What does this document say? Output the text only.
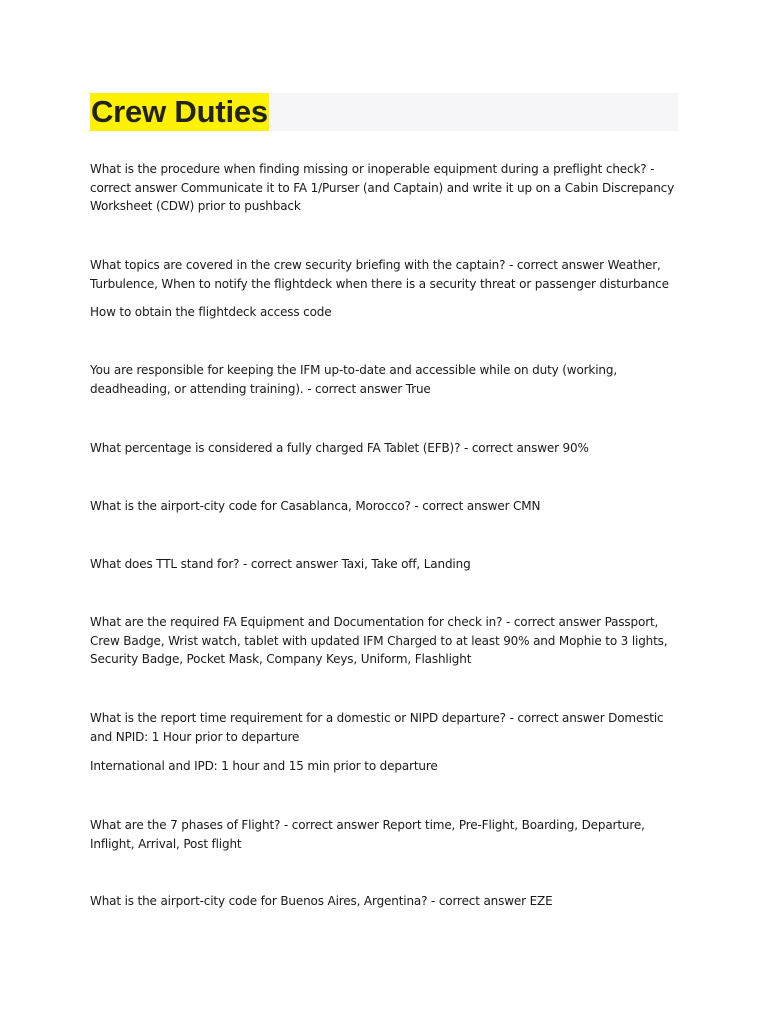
Crew Duties

What is the procedure when finding missing or inoperable equipment during a preflight check? - correct answer Communicate it to FA 1/Purser (and Captain) and write it up on a Cabin Discrepancy Worksheet (CDW) prior to pushback

What topics are covered in the crew security briefing with the captain? - correct answer Weather, Turbulence, When to notify the flightdeck when there is a security threat or passenger disturbance

How to obtain the flightdeck access code

You are responsible for keeping the IFM up-to-date and accessible while on duty (working, deadheading, or attending training). - correct answer True

What percentage is considered a fully charged FA Tablet (EFB)? - correct answer 90%

What is the airport-city code for Casablanca, Morocco? - correct answer CMN

What does TTL stand for? - correct answer Taxi, Take off, Landing

What are the required FA Equipment and Documentation for check in? - correct answer Passport, Crew Badge, Wrist watch, tablet with updated IFM Charged to at least 90% and Mophie to 3 lights, Security Badge, Pocket Mask, Company Keys, Uniform, Flashlight

What is the report time requirement for a domestic or NIPD departure? - correct answer Domestic and NPID: 1 Hour prior to departure

International and IPD: 1 hour and 15 min prior to departure

What are the 7 phases of Flight? - correct answer Report time, Pre-Flight, Boarding, Departure, Inflight, Arrival, Post flight

What is the airport-city code for Buenos Aires, Argentina? - correct answer EZE
